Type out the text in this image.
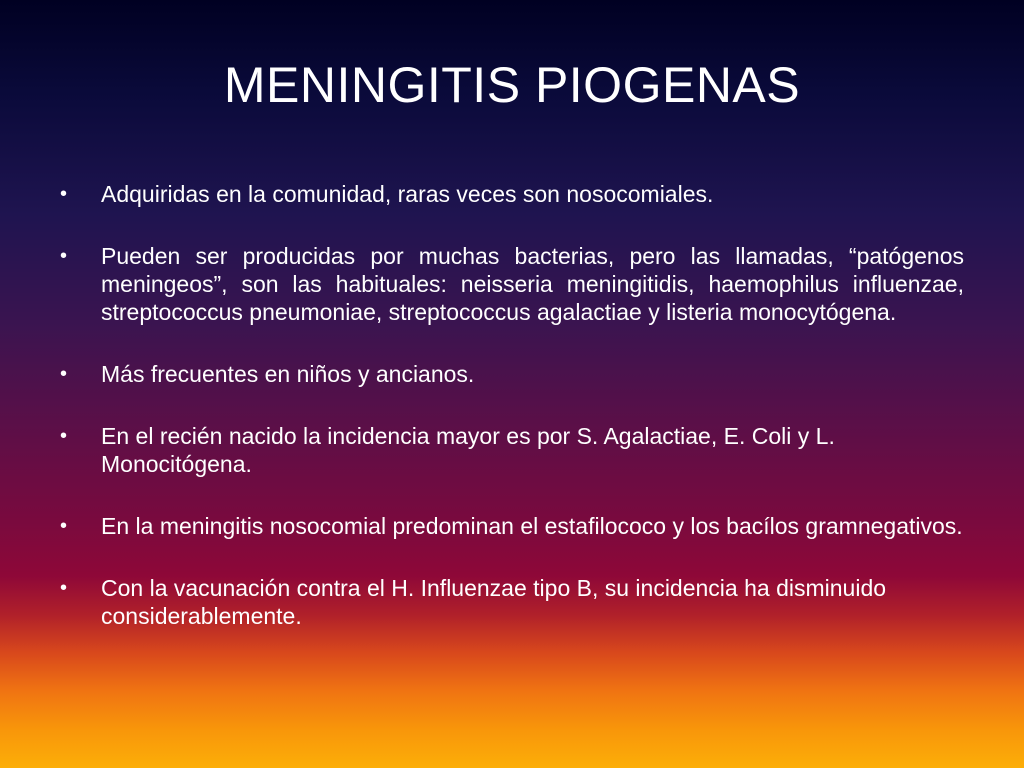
MENINGITIS PIOGENAS
•	Adquiridas en la comunidad, raras veces son nosocomiales.
•	Pueden ser producidas por muchas bacterias, pero las llamadas, “patógenos meningeos”, son las habituales: neisseria meningitidis, haemophilus influenzae, streptococcus pneumoniae, streptococcus agalactiae y listeria monocytógena.
•	Más frecuentes en niños y ancianos.
•	En el recién nacido la incidencia mayor es por S. Agalactiae, E. Coli y L. Monocitógena.
•	En la meningitis nosocomial predominan el estafilococo y los bacílos gramnegativos.
•	Con la vacunación contra el H. Influenzae tipo B, su incidencia ha disminuido considerablemente.
